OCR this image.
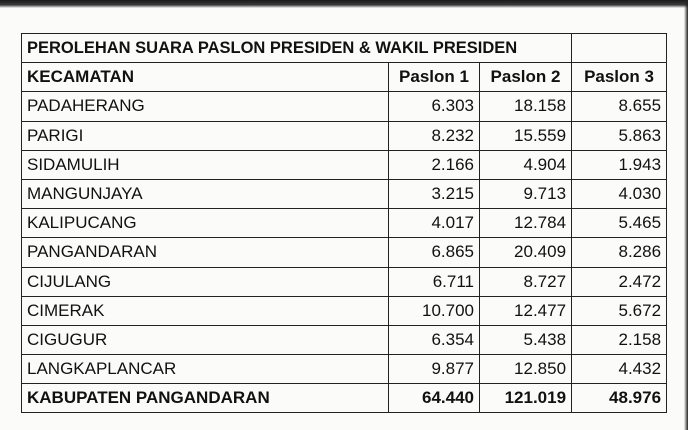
PEROLEHAN SUARA PASLON PRESIDEN & WAKIL PRESIDEN			
KECAMATAN	Paslon 1	Paslon 2	Paslon 3
PADAHERANG	6.303	18.158	8.655
PARIGI	8.232	15.559	5.863
SIDAMULIH	2.166	4.904	1.943
MANGUNJAYA	3.215	9.713	4.030
KALIPUCANG	4.017	12.784	5.465
PANGANDARAN	6.865	20.409	8.286
CIJULANG	6.711	8.727	2.472
CIMERAK	10.700	12.477	5.672
CIGUGUR	6.354	5.438	2.158
LANGKAPLANCAR	9.877	12.850	4.432
KABUPATEN PANGANDARAN	64.440	121.019	48.976
